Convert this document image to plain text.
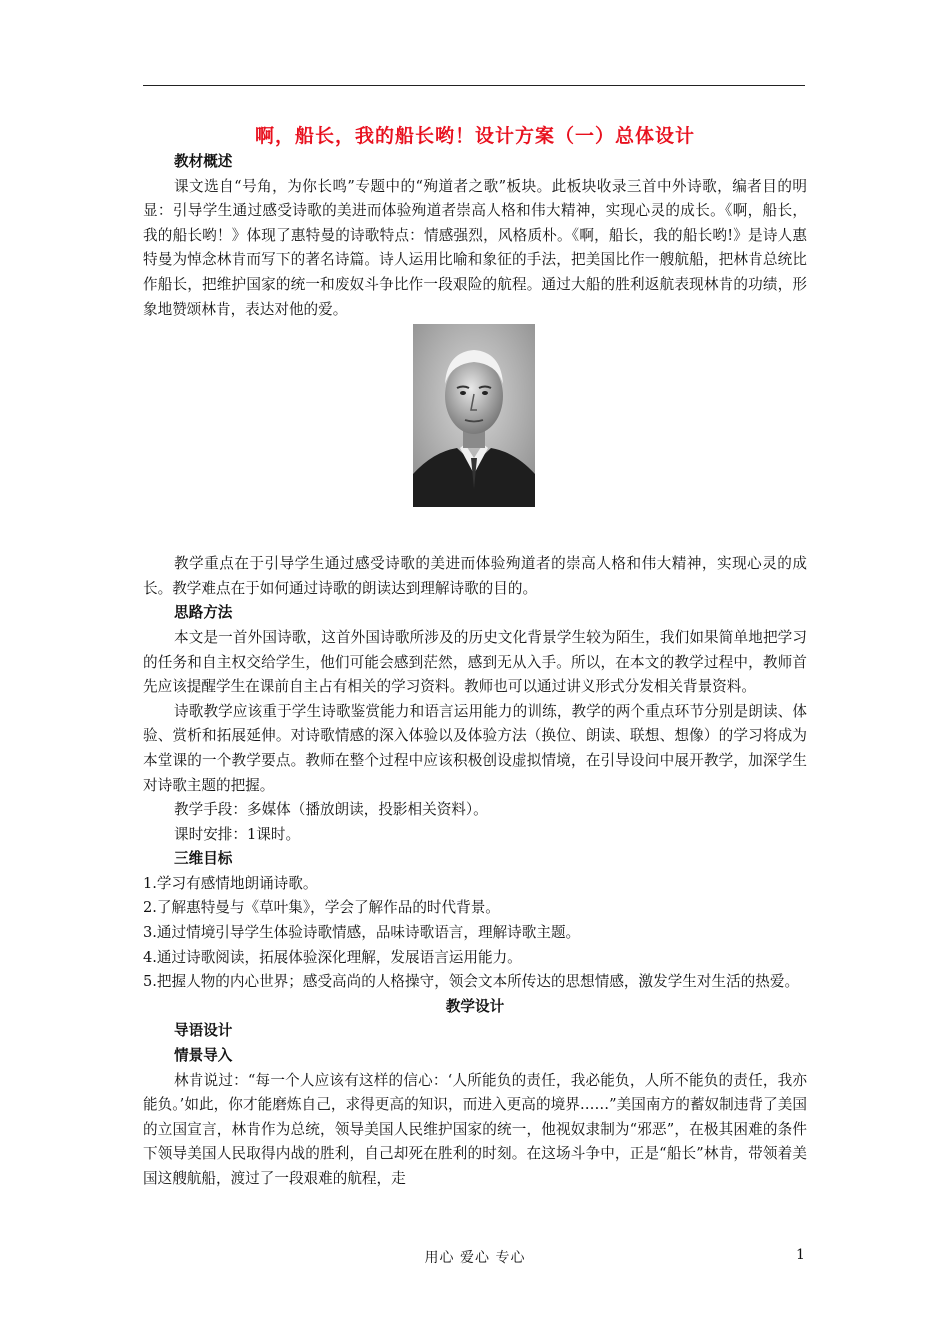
啊，船长，我的船长哟！设计方案（一）总体设计
教材概述
课文选自“号角，为你长鸣”专题中的“殉道者之歌”板块。此板块收录三首中外诗歌，编者目的明显：引导学生通过感受诗歌的美进而体验殉道者崇高人格和伟大精神，实现心灵的成长。《啊，船长，我的船长哟！》体现了惠特曼的诗歌特点：情感强烈，风格质朴。《啊，船长，我的船长哟!》是诗人惠特曼为悼念林肯而写下的著名诗篇。诗人运用比喻和象征的手法，把美国比作一艘航船，把林肯总统比作船长，把维护国家的统一和废奴斗争比作一段艰险的航程。通过大船的胜利返航表现林肯的功绩，形象地赞颂林肯，表达对他的爱。
教学重点在于引导学生通过感受诗歌的美进而体验殉道者的崇高人格和伟大精神，实现心灵的成长。教学难点在于如何通过诗歌的朗读达到理解诗歌的目的。
思路方法
本文是一首外国诗歌，这首外国诗歌所涉及的历史文化背景学生较为陌生，我们如果简单地把学习的任务和自主权交给学生，他们可能会感到茫然，感到无从入手。所以，在本文的教学过程中，教师首先应该提醒学生在课前自主占有相关的学习资料。教师也可以通过讲义形式分发相关背景资料。
诗歌教学应该重于学生诗歌鉴赏能力和语言运用能力的训练，教学的两个重点环节分别是朗读、体验、赏析和拓展延伸。对诗歌情感的深入体验以及体验方法（换位、朗读、联想、想像）的学习将成为本堂课的一个教学要点。教师在整个过程中应该积极创设虚拟情境，在引导设问中展开教学，加深学生对诗歌主题的把握。
教学手段：多媒体（播放朗读，投影相关资料）。
课时安排：1课时。
三维目标
1.学习有感情地朗诵诗歌。
2.了解惠特曼与《草叶集》，学会了解作品的时代背景。
3.通过情境引导学生体验诗歌情感，品味诗歌语言，理解诗歌主题。
4.通过诗歌阅读，拓展体验深化理解，发展语言运用能力。
5.把握人物的内心世界；感受高尚的人格操守，领会文本所传达的思想情感，激发学生对生活的热爱。
教学设计
导语设计
情景导入
林肯说过：“每一个人应该有这样的信心：‘人所能负的责任，我必能负，人所不能负的责任，我亦能负。’如此，你才能磨炼自己，求得更高的知识，而进入更高的境界……”美国南方的蓄奴制违背了美国的立国宣言，林肯作为总统，领导美国人民维护国家的统一，他视奴隶制为“邪恶”，在极其困难的条件下领导美国人民取得内战的胜利，自己却死在胜利的时刻。在这场斗争中，正是“船长”林肯，带领着美国这艘航船，渡过了一段艰难的航程，走
用心 爱心 专心	1
